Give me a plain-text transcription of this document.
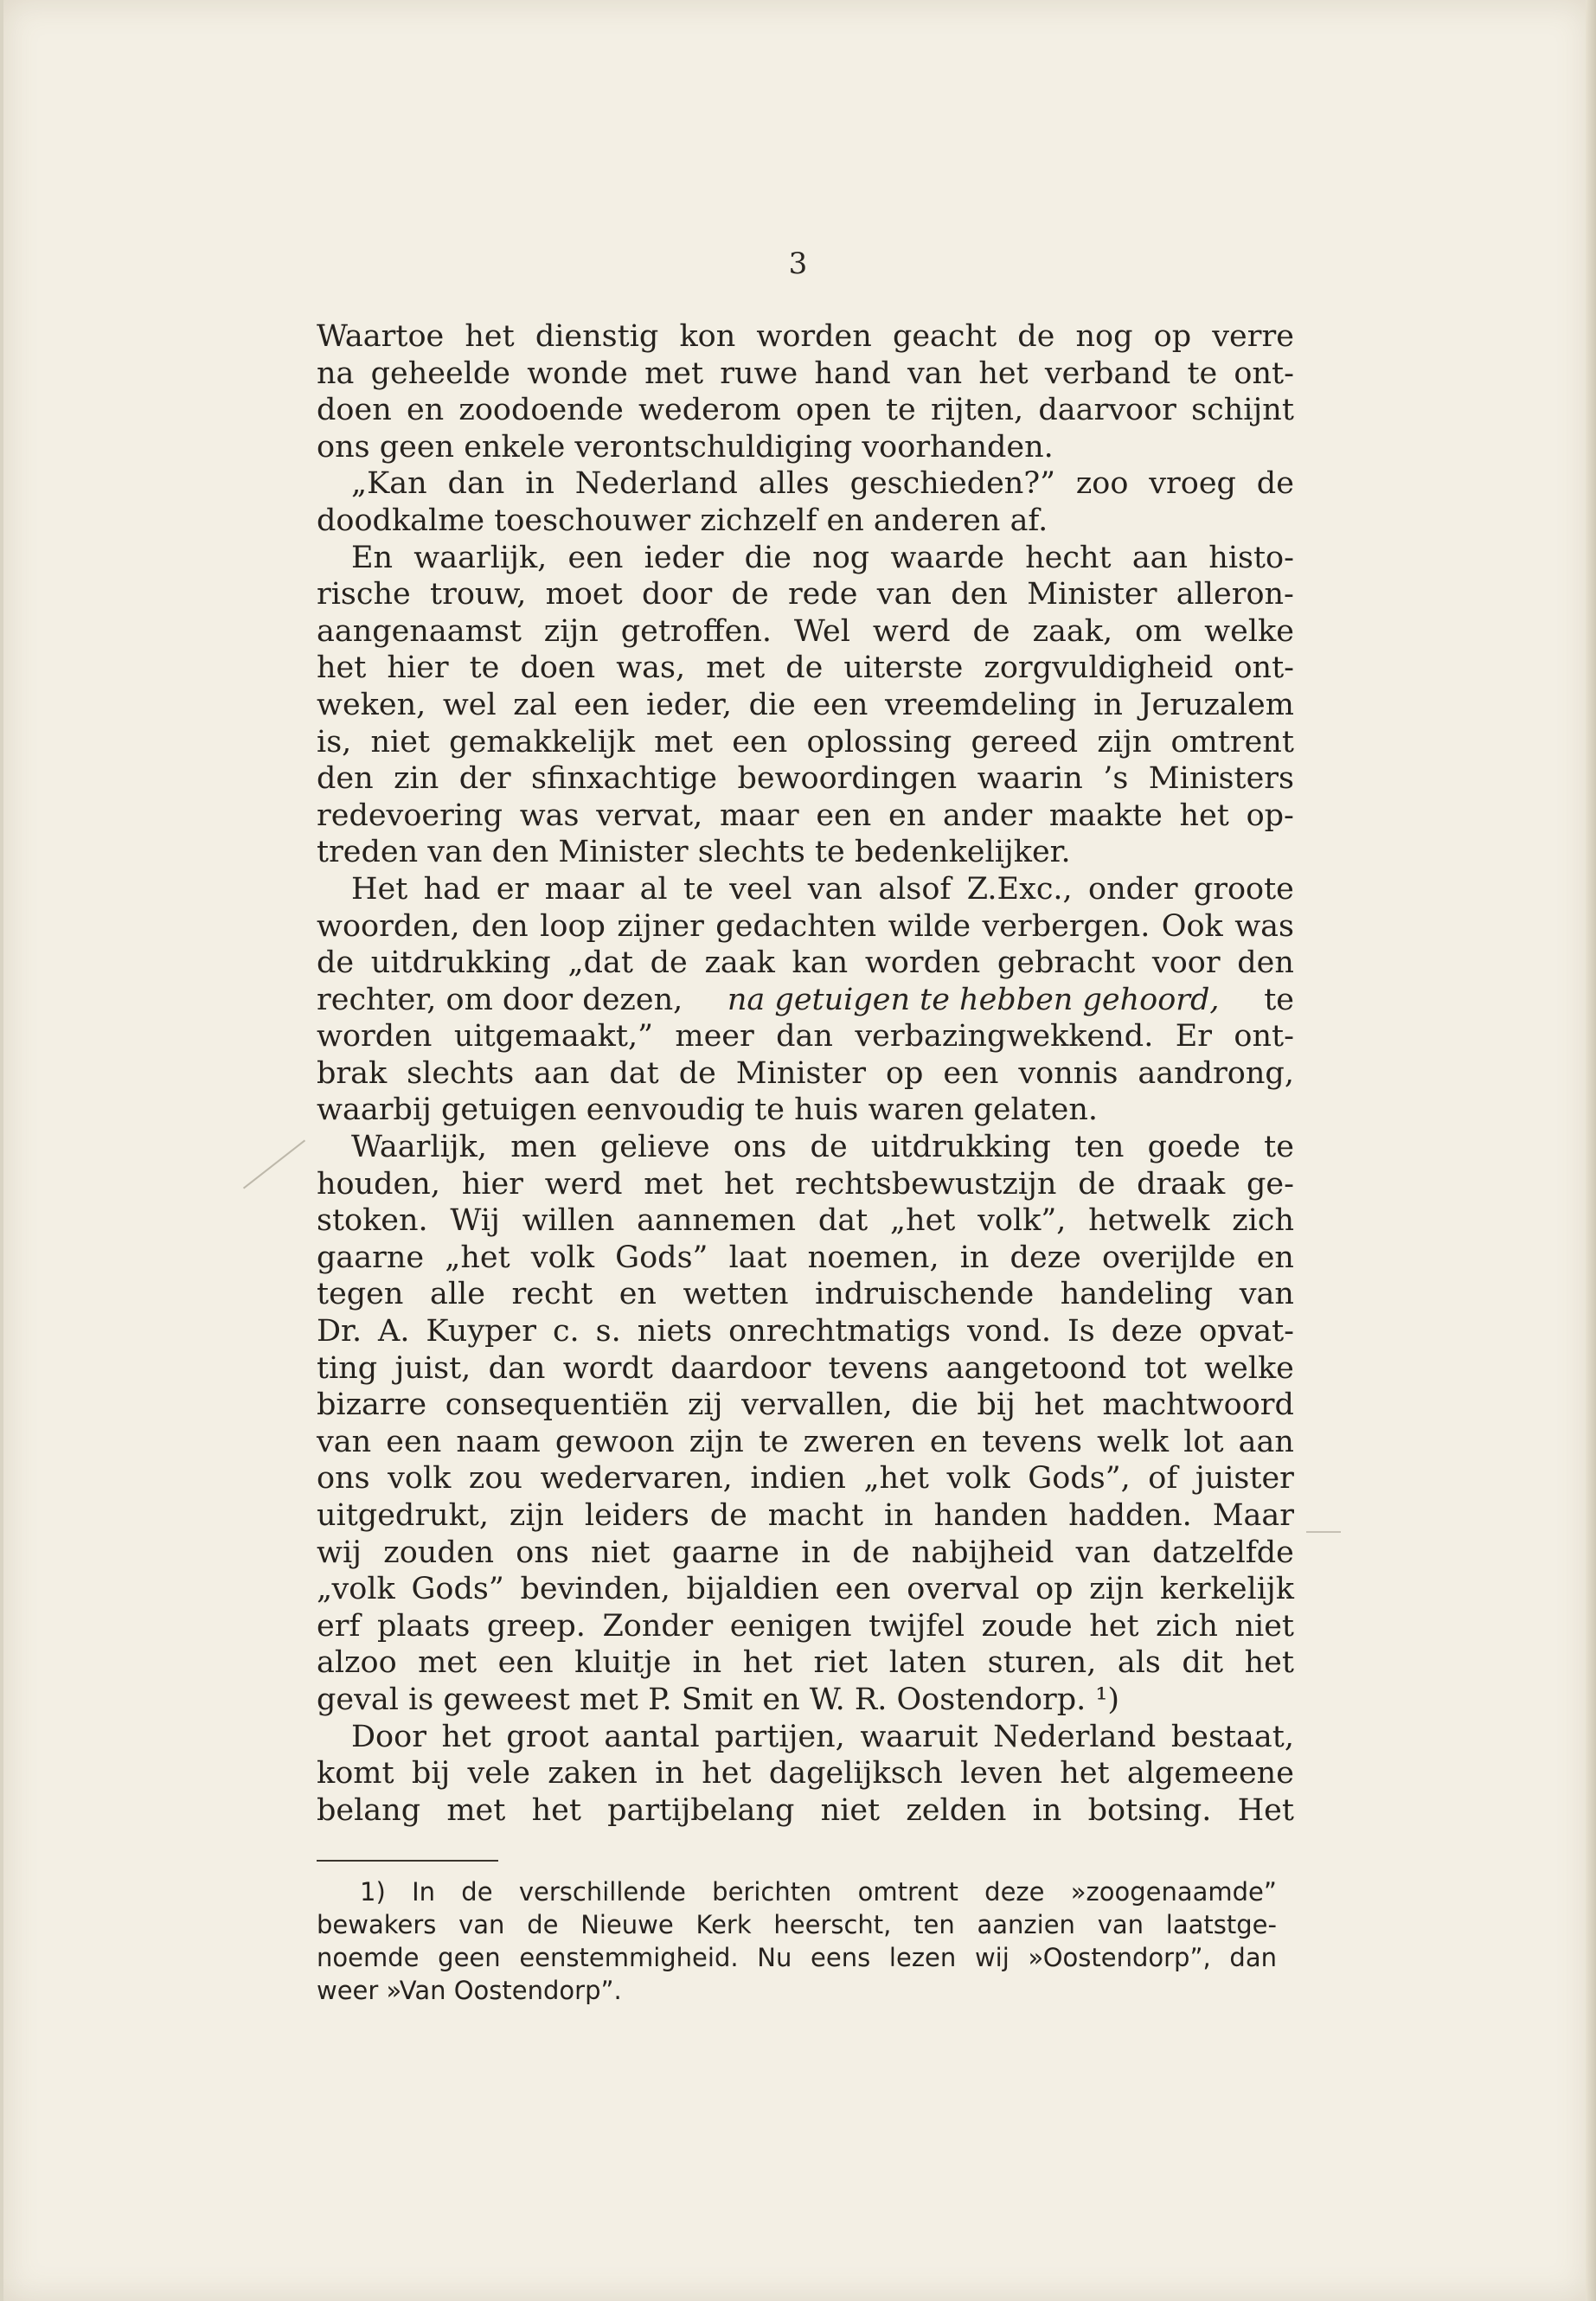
3
Waartoe het dienstig kon worden geacht de nog op verre
na geheelde wonde met ruwe hand van het verband te ont-
doen en zoodoende wederom open te rijten, daarvoor schijnt
ons geen enkele verontschuldiging voorhanden.
„Kan dan in Nederland alles geschieden?” zoo vroeg de
doodkalme toeschouwer zichzelf en anderen af.
En waarlijk, een ieder die nog waarde hecht aan histo-
rische trouw, moet door de rede van den Minister alleron-
aangenaamst zijn getroffen. Wel werd de zaak, om welke
het hier te doen was, met de uiterste zorgvuldigheid ont-
weken, wel zal een ieder, die een vreemdeling in Jeruzalem
is, niet gemakkelijk met een oplossing gereed zijn omtrent
den zin der sfinxachtige bewoordingen waarin ’s Ministers
redevoering was vervat, maar een en ander maakte het op-
treden van den Minister slechts te bedenkelijker.
Het had er maar al te veel van alsof Z.Exc., onder groote
woorden, den loop zijner gedachten wilde verbergen. Ook was
de uitdrukking „dat de zaak kan worden gebracht voor den
rechter, om door dezen, na getuigen te hebben gehoord, te
worden uitgemaakt,” meer dan verbazingwekkend. Er ont-
brak slechts aan dat de Minister op een vonnis aandrong,
waarbij getuigen eenvoudig te huis waren gelaten.
Waarlijk, men gelieve ons de uitdrukking ten goede te
houden, hier werd met het rechtsbewustzijn de draak ge-
stoken. Wij willen aannemen dat „het volk”, hetwelk zich
gaarne „het volk Gods” laat noemen, in deze overijlde en
tegen alle recht en wetten indruischende handeling van
Dr. A. Kuyper c. s. niets onrechtmatigs vond. Is deze opvat-
ting juist, dan wordt daardoor tevens aangetoond tot welke
bizarre consequentiën zij vervallen, die bij het machtwoord
van een naam gewoon zijn te zweren en tevens welk lot aan
ons volk zou wedervaren, indien „het volk Gods”, of juister
uitgedrukt, zijn leiders de macht in handen hadden. Maar
wij zouden ons niet gaarne in de nabijheid van datzelfde
„volk Gods” bevinden, bijaldien een overval op zijn kerkelijk
erf plaats greep. Zonder eenigen twijfel zoude het zich niet
alzoo met een kluitje in het riet laten sturen, als dit het
geval is geweest met P. Smit en W. R. Oostendorp. ¹)
Door het groot aantal partijen, waaruit Nederland bestaat,
komt bij vele zaken in het dagelijksch leven het algemeene
belang met het partijbelang niet zelden in botsing. Het
1) In de verschillende berichten omtrent deze »zoogenaamde”
bewakers van de Nieuwe Kerk heerscht, ten aanzien van laatstge-
noemde geen eenstemmigheid. Nu eens lezen wij »Oostendorp”, dan
weer »Van Oostendorp”.
